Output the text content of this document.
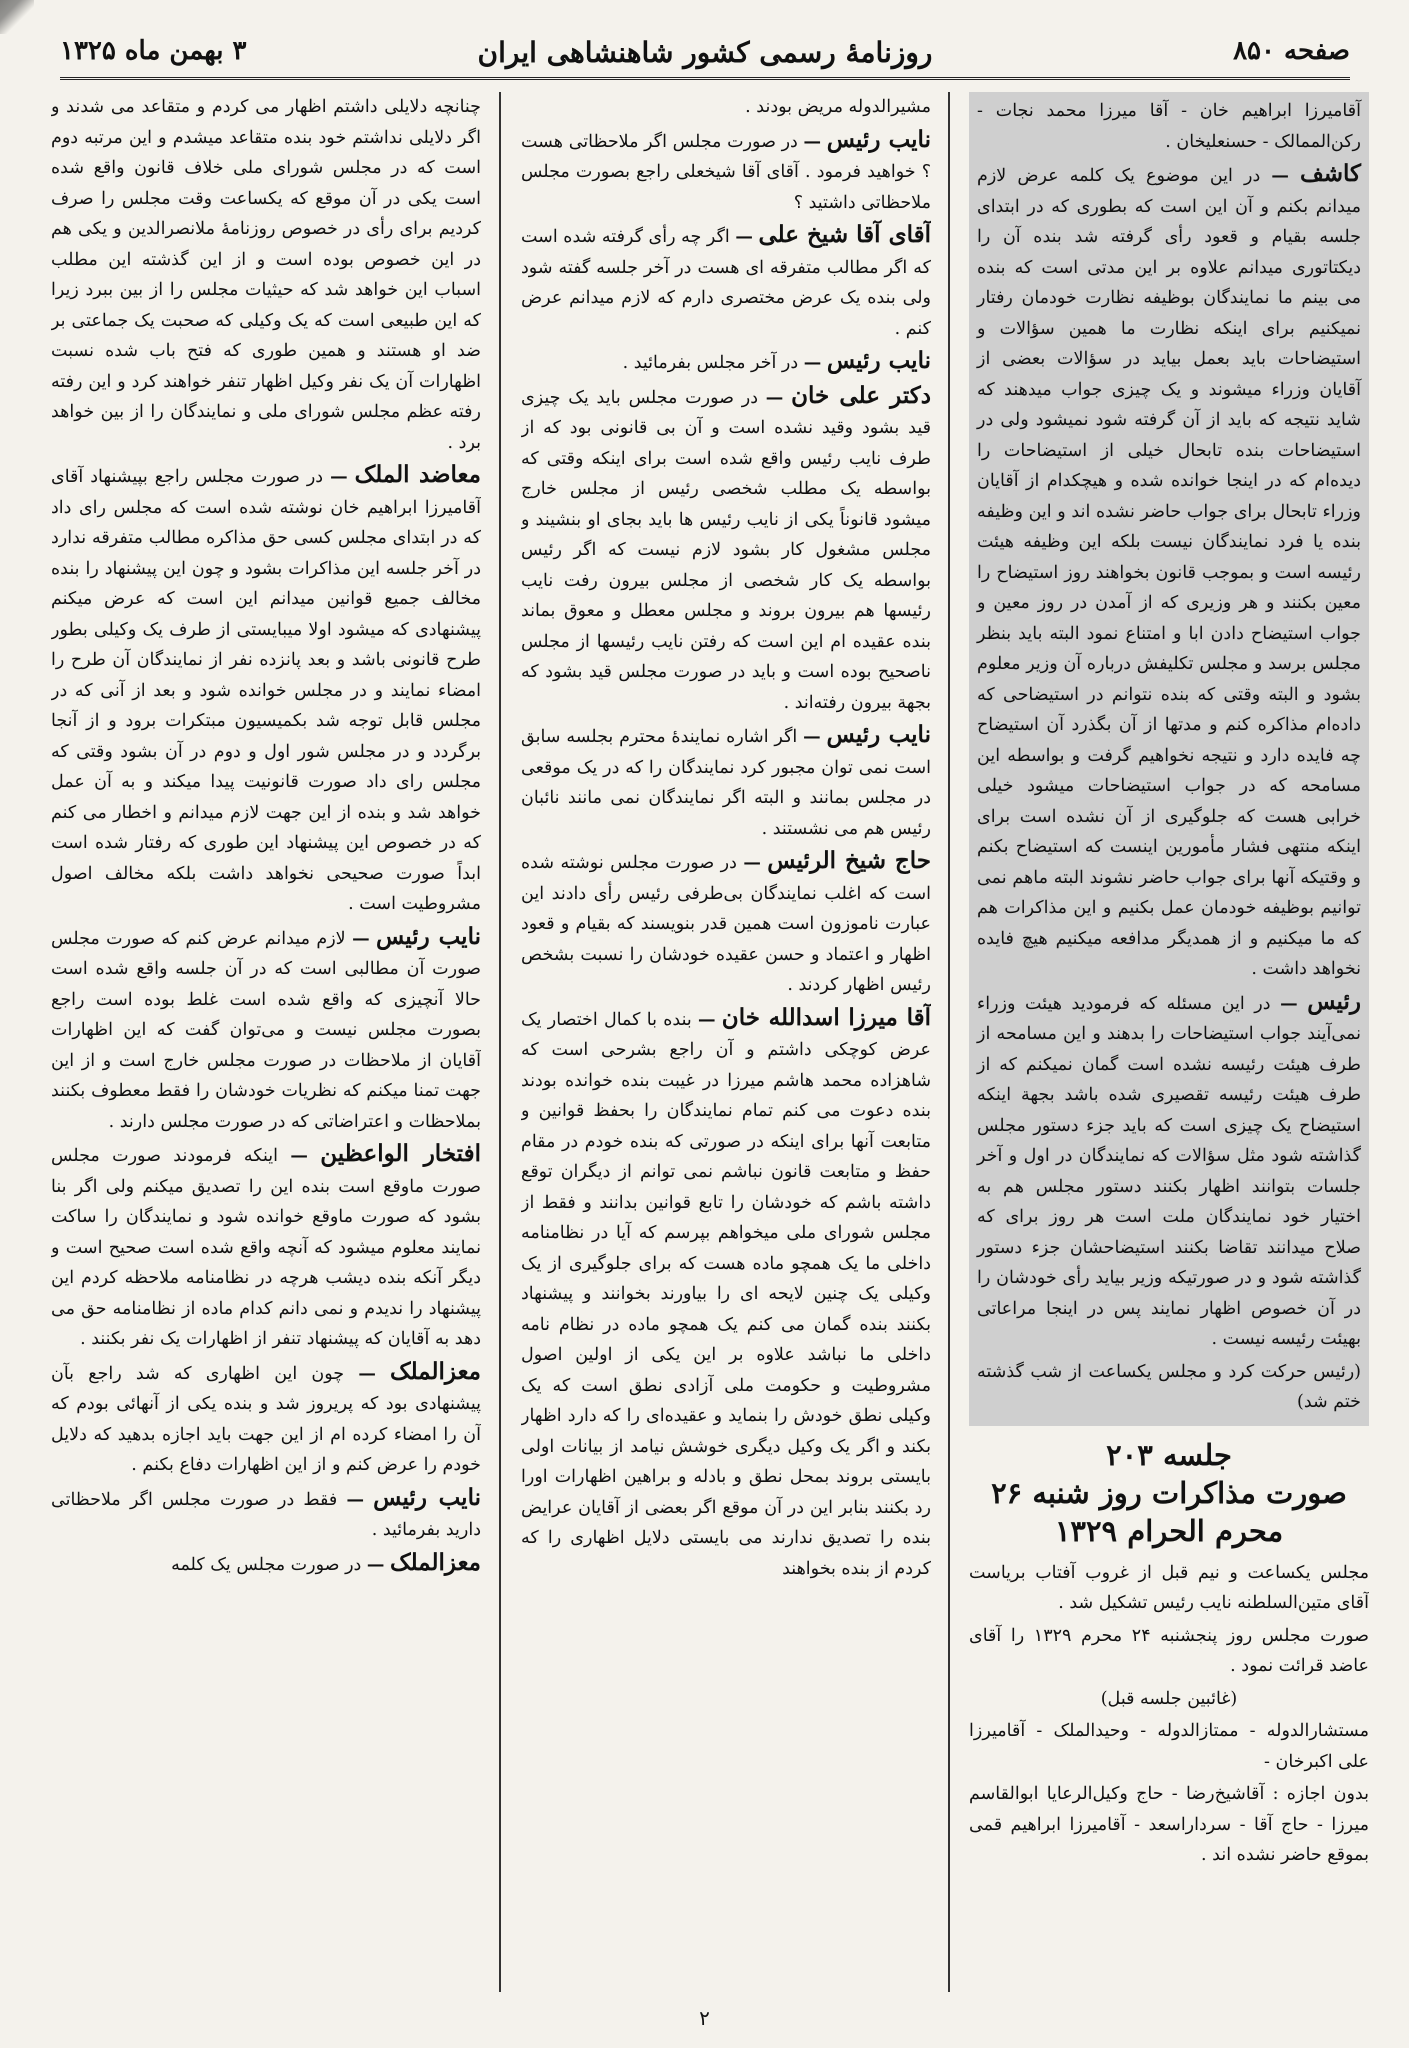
صفحه ۸۵۰
روزنامهٔ رسمی کشور شاهنشاهی ایران
۳ بهمن ماه ۱۳۲۵
آقامیرزا ابراهیم خان - آقا میرزا محمد نجات - رکن‌الممالک - حسنعلیخان .
کاشف — در این موضوع یک کلمه عرض لازم میدانم بکنم و آن این است که بطوری که در ابتدای جلسه بقیام و قعود رأی گرفته شد بنده آن را دیکتاتوری میدانم علاوه بر این مدتی است که بنده می بینم ما نمایندگان بوظیفه نظارت خودمان رفتار نمیکنیم برای اینکه نظارت ما همین سؤالات و استیضاحات باید بعمل بیاید در سؤالات بعضی از آقایان وزراء میشوند و یک چیزی جواب میدهند که شاید نتیجه که باید از آن گرفته شود نمیشود ولی در استیضاحات بنده تابحال خیلی از استیضاحات را دیده‌ام که در اینجا خوانده شده و هیچکدام از آقایان وزراء تابحال برای جواب حاضر نشده اند و این وظیفه بنده یا فرد نمایندگان نیست بلکه این وظیفه هیئت رئیسه است و بموجب قانون بخواهند روز استیضاح را معین بکنند و هر وزیری که از آمدن در روز معین و جواب استیضاح دادن ابا و امتناع نمود البته باید بنظر مجلس برسد و مجلس تکلیفش درباره آن وزیر معلوم بشود و البته وقتی که بنده نتوانم در استیضاحی که داده‌ام مذاکره کنم و مدتها از آن بگذرد آن استیضاح چه فایده دارد و نتیجه نخواهیم گرفت و بواسطه این مسامحه که در جواب استیضاحات میشود خیلی خرابی هست که جلوگیری از آن نشده است برای اینکه منتهی فشار مأمورین اینست که استیضاح بکنم و وقتیکه آنها برای جواب حاضر نشوند البته ماهم نمی توانیم بوظیفه خودمان عمل بکنیم و این مذاکرات هم که ما میکنیم و از همدیگر مدافعه میکنیم هیچ فایده نخواهد داشت .
رئیس — در این مسئله که فرمودید هیئت وزراء نمی‌آیند جواب استیضاحات را بدهند و این مسامحه از طرف هیئت رئیسه نشده است گمان نمیکنم که از طرف هیئت رئیسه تقصیری شده باشد بجهة اینکه استیضاح یک چیزی است که باید جزء دستور مجلس گذاشته شود مثل سؤالات که نمایندگان در اول و آخر جلسات بتوانند اظهار بکنند دستور مجلس هم به اختیار خود نمایندگان ملت است هر روز برای که صلاح میدانند تقاضا بکنند استیضاحشان جزء دستور گذاشته شود و در صورتیکه وزیر بیاید رأی خودشان را در آن خصوص اظهار نمایند پس در اینجا مراعاتی بهیئت رئیسه نیست .
(رئیس حرکت کرد و مجلس یکساعت از شب گذشته ختم شد)
جلسه ۲۰۳
صورت مذاکرات روز شنبه ۲۶ محرم الحرام ۱۳۲۹
مجلس یکساعت و نیم قبل از غروب آفتاب بریاست آقای متین‌السلطنه نایب رئیس تشکیل شد .
صورت مجلس روز پنجشنبه ۲۴ محرم ۱۳۲۹ را آقای عاضد قرائت نمود .
(غائبین جلسه قبل)
مستشارالدوله - ممتازالدوله - وحیدالملک - آقامیرزا علی اکبرخان -
بدون اجازه : آقاشیخ‌رضا - حاج وکیل‌الرعایا ابوالقاسم میرزا - حاج آقا - سرداراسعد - آقامیرزا ابراهیم قمی بموقع حاضر نشده اند .
مشیرالدوله مریض بودند .
نایب رئیس — در صورت مجلس اگر ملاحظاتی هست ؟ خواهید فرمود . آقای آقا شیخعلی راجع بصورت مجلس ملاحظاتی داشتید ؟
آقای آقا شیخ علی — اگر چه رأی گرفته شده است که اگر مطالب متفرقه ای هست در آخر جلسه گفته شود ولی بنده یک عرض مختصری دارم که لازم میدانم عرض کنم .
نایب رئیس — در آخر مجلس بفرمائید .
دکتر علی خان — در صورت مجلس باید یک چیزی قید بشود وقید نشده است و آن بی قانونی بود که از طرف نایب رئیس واقع شده است برای اینکه وقتی که بواسطه یک مطلب شخصی رئیس از مجلس خارج میشود قانوناً یکی از نایب رئیس ها باید بجای او بنشیند و مجلس مشغول کار بشود لازم نیست که اگر رئیس بواسطه یک کار شخصی از مجلس بیرون رفت نایب رئیسها هم بیرون بروند و مجلس معطل و معوق بماند بنده عقیده ام این است که رفتن نایب رئیسها از مجلس ناصحیح بوده است و باید در صورت مجلس قید بشود که بجهة بیرون رفته‌اند .
نایب رئیس — اگر اشاره نمایندهٔ محترم بجلسه سابق است نمی توان مجبور کرد نمایندگان را که در یک موقعی در مجلس بمانند و البته اگر نمایندگان نمی مانند نائبان رئیس هم می نشستند .
حاج شیخ الرئیس — در صورت مجلس نوشته شده است که اغلب نمایندگان بی‌طرفی رئیس رأی دادند این عبارت ناموزون است همین قدر بنویسند که بقیام و قعود اظهار و اعتماد و حسن عقیده خودشان را نسبت بشخص رئیس اظهار کردند .
آقا میرزا اسدالله خان — بنده با کمال اختصار یک عرض کوچکی داشتم و آن راجع بشرحی است که شاهزاده محمد هاشم میرزا در غیبت بنده خوانده بودند بنده دعوت می کنم تمام نمایندگان را بحفظ قوانین و متابعت آنها برای اینکه در صورتی که بنده خودم در مقام حفظ و متابعت قانون نباشم نمی توانم از دیگران توقع داشته باشم که خودشان را تابع قوانین بدانند و فقط از مجلس شورای ملی میخواهم بپرسم که آیا در نظامنامه داخلی ما یک همچو ماده هست که برای جلوگیری از یک وکیلی یک چنین لایحه ای را بیاورند بخوانند و پیشنهاد بکنند بنده گمان می کنم یک همچو ماده در نظام نامه داخلی ما نباشد علاوه بر این یکی از اولین اصول مشروطیت و حکومت ملی آزادی نطق است که یک وکیلی نطق خودش را بنماید و عقیده‌ای را که دارد اظهار بکند و اگر یک وکیل دیگری خوشش نیامد از بیانات اولی بایستی بروند بمحل نطق و بادله و براهین اظهارات اورا رد بکنند بنابر این در آن موقع اگر بعضی از آقایان عرایض بنده را تصدیق ندارند می بایستی دلایل اظهاری را که کردم از بنده بخواهند
چنانچه دلایلی داشتم اظهار می کردم و متقاعد می شدند و اگر دلایلی نداشتم خود بنده متقاعد میشدم و این مرتبه دوم است که در مجلس شورای ملی خلاف قانون واقع شده است یکی در آن موقع که یکساعت وقت مجلس را صرف کردیم برای رأی در خصوص روزنامهٔ ملانصرالدین و یکی هم در این خصوص بوده است و از این گذشته این مطلب اسباب این خواهد شد که حیثیات مجلس را از بین ببرد زیرا که این طبیعی است که یک وکیلی که صحبت یک جماعتی بر ضد او هستند و همین طوری که فتح باب شده نسبت اظهارات آن یک نفر وکیل اظهار تنفر خواهند کرد و این رفته رفته عظم مجلس شورای ملی و نمایندگان را از بین خواهد برد .
معاضد الملک — در صورت مجلس راجع بپیشنهاد آقای آقامیرزا ابراهیم خان نوشته شده است که مجلس رای داد که در ابتدای مجلس کسی حق مذاکره مطالب متفرقه ندارد در آخر جلسه این مذاکرات بشود و چون این پیشنهاد را بنده مخالف جمیع قوانین میدانم این است که عرض میکنم پیشنهادی که میشود اولا میبایستی از طرف یک وکیلی بطور طرح قانونی باشد و بعد پانزده نفر از نمایندگان آن طرح را امضاء نمایند و در مجلس خوانده شود و بعد از آنی که در مجلس قابل توجه شد بکمیسیون مبتکرات برود و از آنجا برگردد و در مجلس شور اول و دوم در آن بشود وقتی که مجلس رای داد صورت قانونیت پیدا میکند و به آن عمل خواهد شد و بنده از این جهت لازم میدانم و اخطار می کنم که در خصوص این پیشنهاد این طوری که رفتار شده است ابداً صورت صحیحی نخواهد داشت بلکه مخالف اصول مشروطیت است .
نایب رئیس — لازم میدانم عرض کنم که صورت مجلس صورت آن مطالبی است که در آن جلسه واقع شده است حالا آنچیزی که واقع شده است غلط بوده است راجع بصورت مجلس نیست و می‌توان گفت که این اظهارات آقایان از ملاحظات در صورت مجلس خارج است و از این جهت تمنا میکنم که نظریات خودشان را فقط معطوف بکنند بملاحظات و اعتراضاتی که در صورت مجلس دارند .
افتخار الواعظین — اینکه فرمودند صورت مجلس صورت ماوقع است بنده این را تصدیق میکنم ولی اگر بنا بشود که صورت ماوقع خوانده شود و نمایندگان را ساکت نمایند معلوم میشود که آنچه واقع شده است صحیح است و دیگر آنکه بنده دیشب هرچه در نظامنامه ملاحظه کردم این پیشنهاد را ندیدم و نمی دانم کدام ماده از نظامنامه حق می دهد به آقایان که پیشنهاد تنفر از اظهارات یک نفر بکنند .
معزالملک — چون این اظهاری که شد راجع بآن پیشنهادی بود که پریروز شد و بنده یکی از آنهائی بودم که آن را امضاء کرده ام از این جهت باید اجازه بدهید که دلایل خودم را عرض کنم و از این اظهارات دفاع بکنم .
نایب رئیس — فقط در صورت مجلس اگر ملاحظاتی دارید بفرمائید .
معزالملک — در صورت مجلس یک کلمه
۲
